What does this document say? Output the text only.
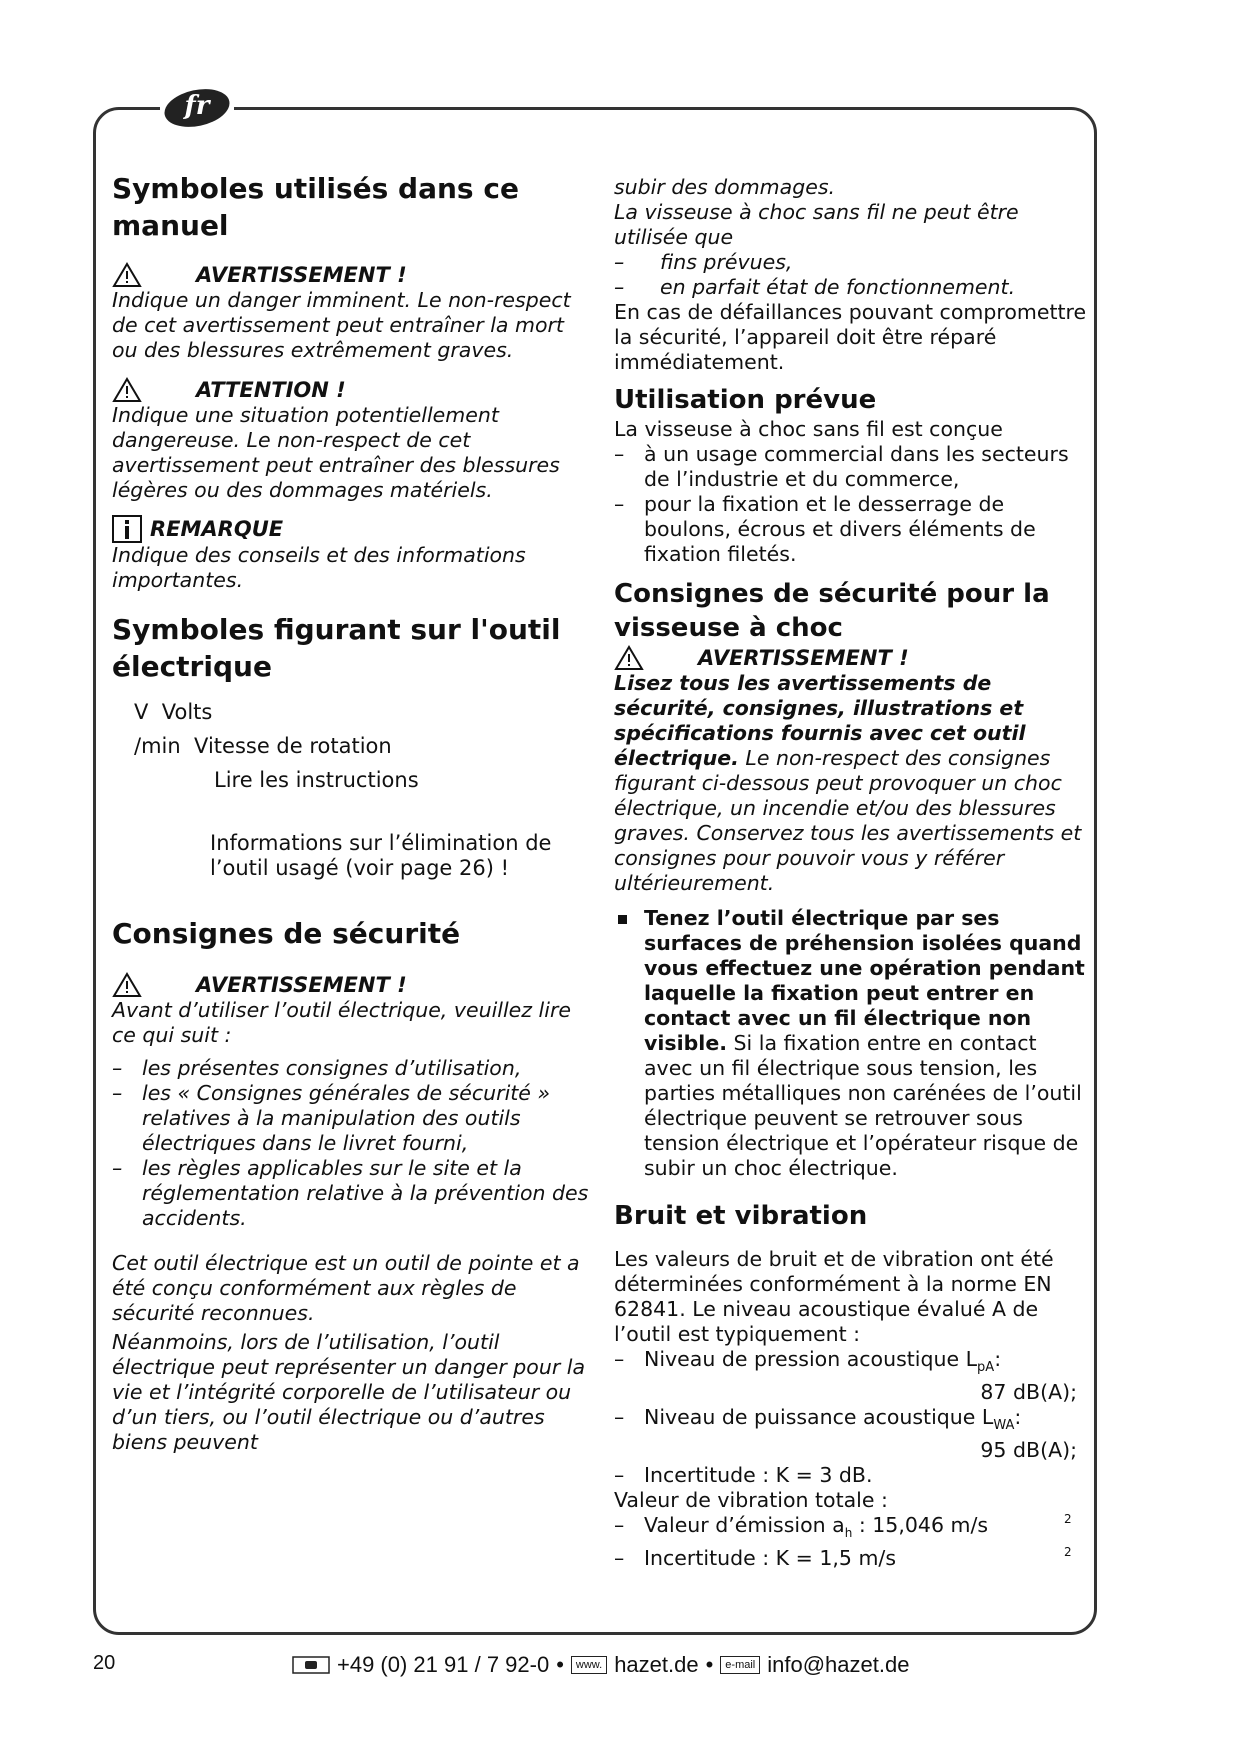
fr
Symboles utilisés dans ce manuel
AVERTISSEMENT !

Indique un danger imminent. Le non-respect de cet avertissement peut entraîner la mort ou des blessures extrêmement graves.

ATTENTION !

Indique une situation potentiellement dangereuse. Le non-respect de cet avertissement peut entraîner des blessures légères ou des dommages matériels.

REMARQUE

Indique des conseils et des informations importantes.

Symboles figurant sur l'outil électrique
V Volts
/min Vitesse de rotation
Lire les instructions
Informations sur l’élimination de l’outil usagé (voir page 26) !
Consignes de sécurité
AVERTISSEMENT !

Avant d’utiliser l’outil électrique, veuillez lire ce qui suit :

– les présentes consignes d’utilisation,
– les « Consignes générales de sécurité » relatives à la manipulation des outils électriques dans le livret fourni,
– les règles applicables sur le site et la réglementation relative à la prévention des accidents.

Cet outil électrique est un outil de pointe et a été conçu conformément aux règles de sécurité reconnues.

Néanmoins, lors de l’utilisation, l’outil électrique peut représenter un danger pour la vie et l’intégrité corporelle de l’utilisateur ou d’un tiers, ou l’outil électrique ou d’autres biens peuvent

subir des dommages.

La visseuse à choc sans fil ne peut être utilisée que

– fins prévues,
– en parfait état de fonctionnement.

En cas de défaillances pouvant compromettre la sécurité, l’appareil doit être réparé immédiatement.

Utilisation prévue

La visseuse à choc sans fil est conçue

– à un usage commercial dans les secteurs de l’industrie et du commerce,
– pour la fixation et le desserrage de boulons, écrous et divers éléments de fixation filetés.
Consignes de sécurité pour la visseuse à choc
AVERTISSEMENT !

Lisez tous les avertissements de sécurité, consignes, illustrations et spécifications fournis avec cet outil électrique. Le non-respect des consignes figurant ci-dessous peut provoquer un choc électrique, un incendie et/ou des blessures graves. Conservez tous les avertissements et consignes pour pouvoir vous y référer ultérieurement.

Tenez l’outil électrique par ses surfaces de préhension isolées quand vous effectuez une opération pendant laquelle la fixation peut entrer en contact avec un fil électrique non visible. Si la fixation entre en contact avec un fil électrique sous tension, les parties métalliques non carénées de l’outil électrique peuvent se retrouver sous tension électrique et l’opérateur risque de subir un choc électrique.
Bruit et vibration

Les valeurs de bruit et de vibration ont été déterminées conformément à la norme EN 62841. Le niveau acoustique évalué A de l’outil est typiquement :

– Niveau de pression acoustique $L_{pA}$:
87 dB(A);
– Niveau de puissance acoustique $L_{WA}$:
95 dB(A);
– Incertitude : K = 3 dB.

Valeur de vibration totale :

– Valeur d’émission $a_h$ : 15,046 m/s	2
– Incertitude : K = 1,5 m/s	2
20	+49 (0) 21 91 / 7 92-0 •	www. hazet.de •	e-mail info@hazet.de
